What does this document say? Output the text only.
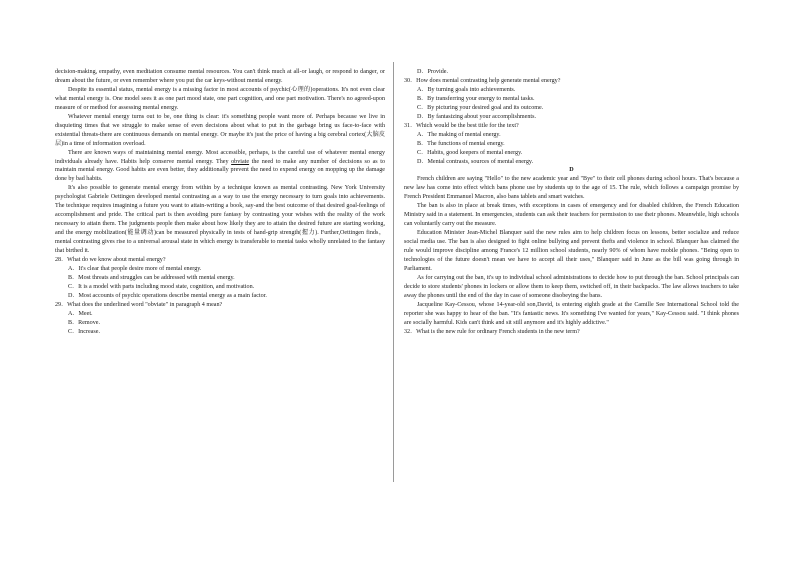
decision-making, empathy, even meditation consume mental resources. You can't think much at all-or laugh, or respond to danger, or dream about the future, or even remember where you put the car keys-without mental energy.

Despite its essential status, mental energy is a missing factor in most accounts of psychic(心理的)operations. It's not even clear what mental energy is. One model sees it as one part mood state, one part cognition, and one part motivation. There's no agreed-upon measure of or method for assessing mental energy.

Whatever mental energy turns out to be, one thing is clear: it's something people want more of. Perhaps because we live in disquieting times that we struggle to make sense of even decisions about what to put in the garbage bring us face-to-face with existential threats-there are continuous demands on mental energy. Or maybe it's just the price of having a big cerebral cortex(大脑皮层)in a time of information overload.

There are known ways of maintaining mental energy. Most accessible, perhaps, is the careful use of whatever mental energy individuals already have. Habits help conserve mental energy. They obviate the need to make any number of decisions so as to maintain mental energy. Good habits are even better, they additionally prevent the need to expend energy on mopping up the damage done by bad habits.

It's also possible to generate mental energy from within by a technique known as mental contrasting. New York University psychologist Gabriele Oettingen developed mental contrasting as a way to use the energy necessary to turn goals into achievements. The technique requires imagining a future you want to attain-writing a book, say-and the best outcome of that desired goal-feelings of accomplishment and pride. The critical part is then avoiding pure fantasy by contrasting your wishes with the reality of the work necessary to attain them. The judgments people then make about how likely they are to attain the desired future are starting working, and the energy mobilization(能量调动)can be measured physically in tests of hand-grip strength(握力). Further,Oettingen finds，mental contrasting gives rise to a universal arousal state in which energy is transferable to mental tasks wholly unrelated to the fantasy that birthed it.

28．What do we know about mental energy?

A．It's clear that people desire more of mental energy.

B．Most threats and struggles can be addressed with mental energy.

C．It is a model with parts including mood state, cognition, and motivation.

D．Most accounts of psychic operations describe mental energy as a main factor.

29．What does the underlined word "obviate" in paragraph 4 mean?

A．Meet.

B．Remove.

C．Increase.

D．Provide.

30．How does mental contrasting help generate mental energy?

A．By turning goals into achievements.

B．By transferring your energy to mental tasks.

C．By picturing your desired goal and its outcome.

D．By fantasizing about your accomplishments.

31．Which would be the best title for the text?

A．The making of mental energy.

B．The functions of mental energy.

C．Habits, good keepers of mental energy.

D．Mental contrasts, sources of mental energy.

D

French children are saying "Hello" to the new academic year and "Bye" to their cell phones during school hours. That's because a new law has come into effect which bans phone use by students up to the age of 15. The rule, which follows a campaign promise by French President Emmanuel Macron, also bans tablets and smart watches.

The ban is also in place at break times, with exceptions in cases of emergency and for disabled children, the French Education Ministry said in a statement. In emergencies, students can ask their teachers for permission to use their phones. Meanwhile, high schools can voluntarily carry out the measure.

Education Minister Jean-Michel Blanquer said the new rules aim to help children focus on lessons, better socialize and reduce social media use. The ban is also designed to fight online bullying and prevent thefts and violence in school. Blanquer has claimed the rule would improve discipline among France's 12 million school students, nearly 90% of whom have mobile phones. "Being open to technologies of the future doesn't mean we have to accept all their uses," Blanquer said in June as the bill was going through in Parliament.

As for carrying out the ban, it's up to individual school administrations to decide how to put through the ban. School principals can decide to store students' phones in lockers or allow them to keep them, switched off, in their backpacks. The law allows teachers to take away the phones until the end of the day in case of someone disobeying the bans.

Jacqueline Kay-Cessou, whose 14-year-old son,David, is entering eighth grade at the Camille See International School told the reporter she was happy to hear of the ban. "It's fantastic news. It's something I've wanted for years," Kay-Cessou said. "I think phones are socially harmful. Kids can't think and sit still anymore and it's highly addictive."

32．What is the new rule for ordinary French students in the new term?
